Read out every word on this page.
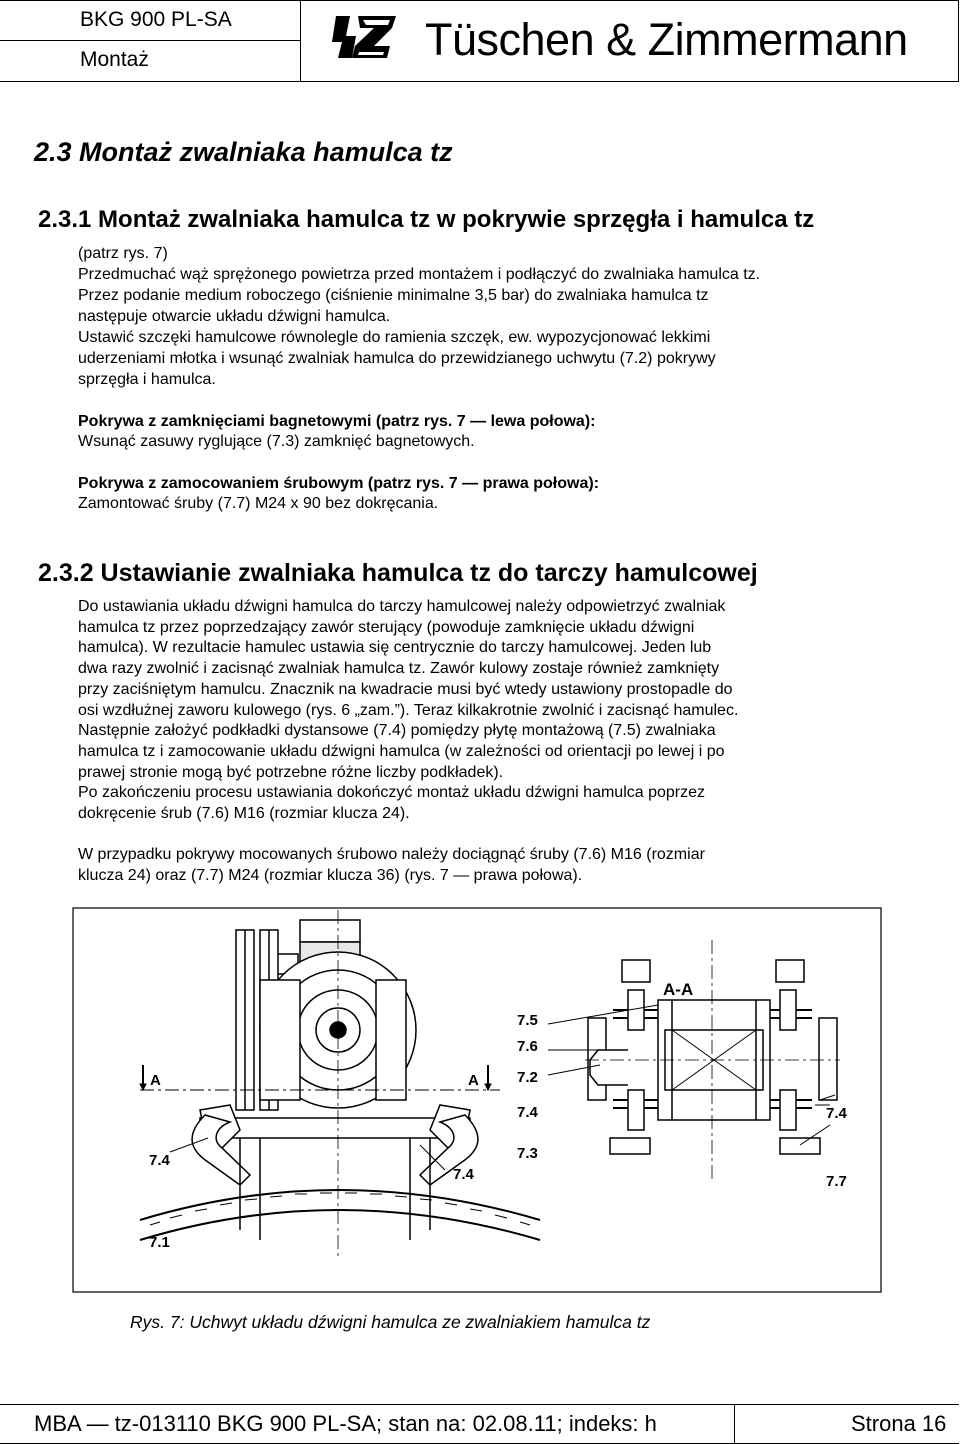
BKG 900 PL-SA
Montaż	Tüschen & Zimmermann
2.3 Montaż zwalniaka hamulca tz
2.3.1 Montaż zwalniaka hamulca tz w pokrywie sprzęgła i hamulca tz
(patrz rys. 7)
Przedmuchać wąż sprężonego powietrza przed montażem i podłączyć do zwalniaka hamulca tz.
Przez podanie medium roboczego (ciśnienie minimalne 3,5 bar) do zwalniaka hamulca tz
następuje otwarcie układu dźwigni hamulca.
Ustawić szczęki hamulcowe równolegle do ramienia szczęk, ew. wypozycjonować lekkimi
uderzeniami młotka i wsunąć zwalniak hamulca do przewidzianego uchwytu (7.2) pokrywy
sprzęgła i hamulca.
Pokrywa z zamknięciami bagnetowymi (patrz rys. 7 — lewa połowa):
Wsunąć zasuwy ryglujące (7.3) zamknięć bagnetowych.
Pokrywa z zamocowaniem śrubowym (patrz rys. 7 — prawa połowa):
Zamontować śruby (7.7) M24 x 90 bez dokręcania.
2.3.2 Ustawianie zwalniaka hamulca tz do tarczy hamulcowej
Do ustawiania układu dźwigni hamulca do tarczy hamulcowej należy odpowietrzyć zwalniak
hamulca tz przez poprzedzający zawór sterujący (powoduje zamknięcie układu dźwigni
hamulca). W rezultacie hamulec ustawia się centrycznie do tarczy hamulcowej. Jeden lub
dwa razy zwolnić i zacisnąć zwalniak hamulca tz. Zawór kulowy zostaje również zamknięty
przy zaciśniętym hamulcu. Znacznik na kwadracie musi być wtedy ustawiony prostopadle do
osi wzdłużnej zaworu kulowego (rys. 6 „zam.”). Teraz kilkakrotnie zwolnić i zacisnąć hamulec.
Następnie założyć podkładki dystansowe (7.4) pomiędzy płytę montażową (7.5) zwalniaka
hamulca tz i zamocowanie układu dźwigni hamulca (w zależności od orientacji po lewej i po
prawej stronie mogą być potrzebne różne liczby podkładek).
Po zakończeniu procesu ustawiania dokończyć montaż układu dźwigni hamulca poprzez
dokręcenie śrub (7.6) M16 (rozmiar klucza 24).
W przypadku pokrywy mocowanych śrubowo należy dociągnąć śruby (7.6) M16 (rozmiar
klucza 24) oraz (7.7) M24 (rozmiar klucza 36) (rys. 7 — prawa połowa).
A-A
7.5
7.6
A	A	7.2
7.4	7.4
7.4	7.3
7.4	7.7
7.1
Rys. 7: Uchwyt układu dźwigni hamulca ze zwalniakiem hamulca tz
MBA — tz-013110 BKG 900 PL-SA; stan na: 02.08.11; indeks: h	Strona 16
